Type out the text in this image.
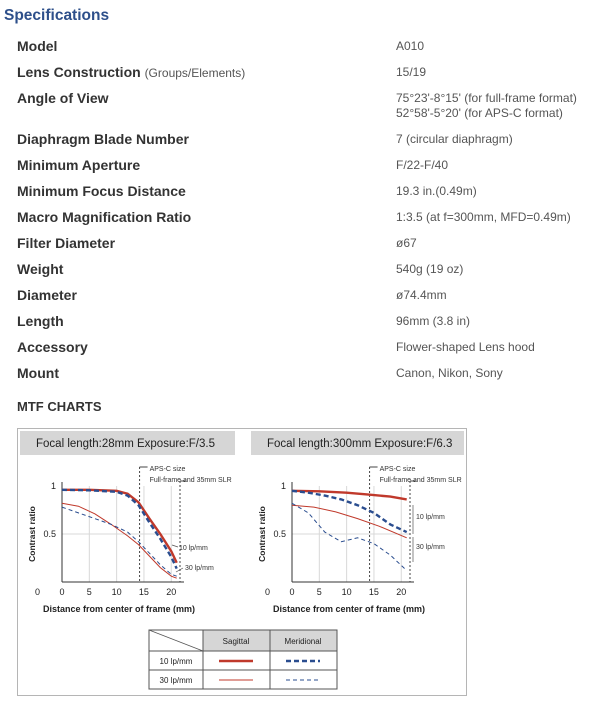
Specifications
Model	A010
Lens Construction (Groups/Elements)	15/19
Angle of View	75°23'-8°15' (for full-frame format)
52°58'-5°20' (for APS-C format)
Diaphragm Blade Number	7 (circular diaphragm)
Minimum Aperture	F/22-F/40
Minimum Focus Distance	19.3 in.(0.49m)
Macro Magnification Ratio	1:3.5 (at f=300mm, MFD=0.49m)
Filter Diameter	ø67
Weight	540g (19 oz)
Diameter	ø74.4mm
Length	96mm (3.8 in)
Accessory	Flower-shaped Lens hood
Mount	Canon, Nikon, Sony
MTF CHARTS
Focal length:28mm Exposure:F/3.5
APS-C size
Full-frame and 35mm SLR
0 5 10 15 20
0.5
1
0
Contrast ratio
Distance from center of frame (mm)
10 lp/mm
30 lp/mm
Focal length:300mm Exposure:F/6.3
APS-C size
Full-frame and 35mm SLR
0 5 10 15 20
0.5
1
0
Contrast ratio
Distance from center of frame (mm)
10 lp/mm
30 lp/mm
Sagittal	Meridional
10 lp/mm
30 lp/mm
